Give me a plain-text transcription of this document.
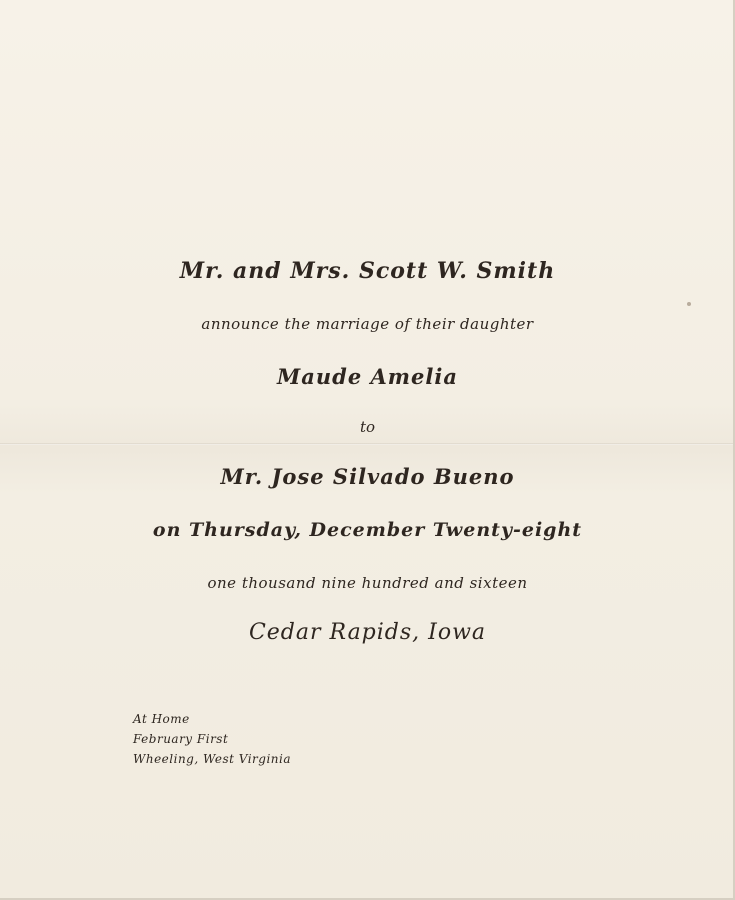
Mr. and Mrs. Scott W. Smith
announce the marriage of their daughter
Maude Amelia
to
Mr. Jose Silvado Bueno
on Thursday, December Twenty-eight
one thousand nine hundred and sixteen
Cedar Rapids, Iowa
At Home
February First
Wheeling, West Virginia
